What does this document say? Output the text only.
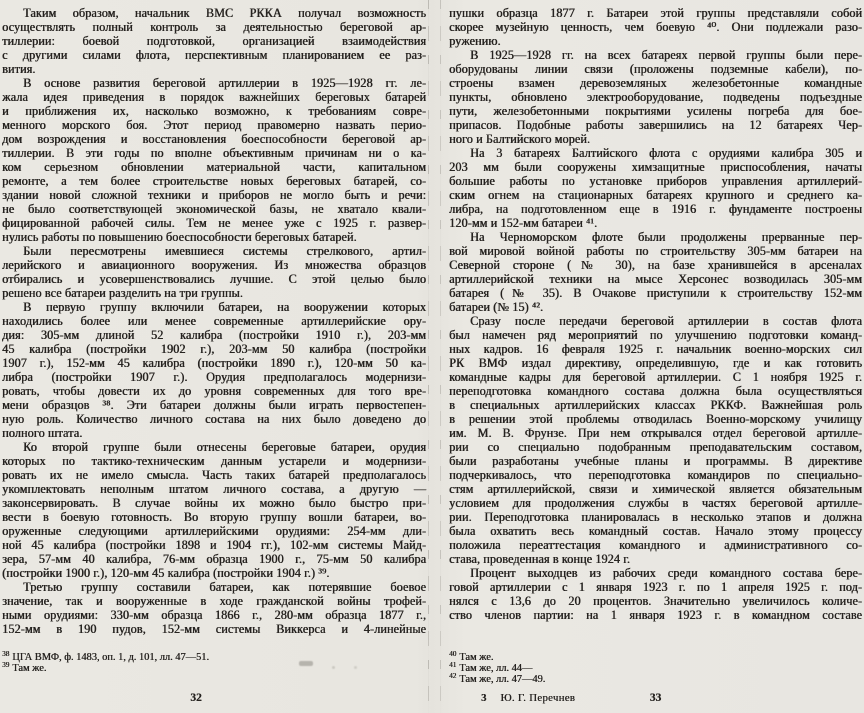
Таким образом, начальник ВМС РККА получал возможность
осуществлять полный контроль за деятельностью береговой ар-
тиллерии: боевой подготовкой, организацией взаимодействия
с другими силами флота, перспективным планированием ее раз-
вития.
В основе развития береговой артиллерии в 1925—1928 гг. ле-
жала идея приведения в порядок важнейших береговых батарей
и приближения их, насколько возможно, к требованиям совре-
менного морского боя. Этот период правомерно назвать перио-
дом возрождения и восстановления боеспособности береговой ар-
тиллерии. В эти годы по вполне объективным причинам ни о ка-
ком серьезном обновлении материальной части, капитальном
ремонте, а тем более строительстве новых береговых батарей, со-
здании новой сложной техники и приборов не могло быть и речи:
не было соответствующей экономической базы, не хватало квали-
фицированной рабочей силы. Тем не менее уже с 1925 г. развер-
нулись работы по повышению боеспособности береговых батарей.
Были пересмотрены имевшиеся системы стрелкового, артил-
лерийского и авиационного вооружения. Из множества образцов
отбирались и усовершенствовались лучшие. С этой целью было
решено все батареи разделить на три группы.
В первую группу включили батареи, на вооружении которых
находились более или менее современные артиллерийские ору-
дия: 305-мм длиной 52 калибра (постройки 1910 г.), 203-мм
45 калибра (постройки 1902 г.), 203-мм 50 калибра (постройки
1907 г.), 152-мм 45 калибра (постройки 1890 г.), 120-мм 50 ка-
либра (постройки 1907 г.). Орудия предполагалось модернизи-
ровать, чтобы довести их до уровня современных для того вре-
мени образцов ³⁸. Эти батареи должны были играть первостепен-
ную роль. Количество личного состава на них было доведено до
полного штата.
Ко второй группе были отнесены береговые батареи, орудия
которых по тактико-техническим данным устарели и модернизи-
ровать их не имело смысла. Часть таких батарей предполагалось
укомплектовать неполным штатом личного состава, а другую —
законсервировать. В случае войны их можно было быстро при-
вести в боевую готовность. Во вторую группу вошли батареи, во-
оруженные следующими артиллерийскими орудиями: 254-мм дли-
ной 45 калибра (постройки 1898 и 1904 гг.), 102-мм системы Майд-
зера, 57-мм 40 калибра, 76-мм образца 1900 г., 75-мм 50 калибра
(постройки 1900 г.), 120-мм 45 калибра (постройки 1904 г.) ³⁹.
Третью группу составили батареи, как потерявшие боевое
значение, так и вооруженные в ходе гражданской войны трофей-
ными орудиями: 330-мм образца 1866 г., 280-мм образца 1877 г.,
152-мм в 190 пудов, 152-мм системы Виккерса и 4-линейные
$^{38}$ ЦГА ВМФ, ф. 1483, оп. 1, д. 101, лл. 47—51.
$^{39}$ Там же.
32
пушки образца 1877 г. Батареи этой группы представляли собой
скорее музейную ценность, чем боевую ⁴⁰. Они подлежали разо-
ружению.
В 1925—1928 гг. на всех батареях первой группы были пере-
оборудованы линии связи (проложены подземные кабели), по-
строены взамен деревоземляных железобетонные командные
пункты, обновлено электрооборудование, подведены подъездные
пути, железобетонными покрытиями усилены погреба для бое-
припасов. Подобные работы завершились на 12 батареях Чер-
ного и Балтийского морей.
На 3 батареях Балтийского флота с орудиями калибра 305 и
203 мм были сооружены химзащитные приспособления, начаты
большие работы по установке приборов управления артиллерий-
ским огнем на стационарных батареях крупного и среднего ка-
либра, на подготовленном еще в 1916 г. фундаменте построены
120-мм и 152-мм батареи ⁴¹.
На Черноморском флоте были продолжены прерванные пер-
вой мировой войной работы по строительству 305-мм батареи на
Северной стороне (№ 30), на базе хранившейся в арсеналах
артиллерийской техники на мысе Херсонес возводилась 305-мм
батарея (№ 35). В Очакове приступили к строительству 152-мм
батареи (№ 15) ⁴².
Сразу после передачи береговой артиллерии в состав флота
был намечен ряд мероприятий по улучшению подготовки команд-
ных кадров. 16 февраля 1925 г. начальник военно-морских сил
РК ВМФ издал директиву, определившую, где и как готовить
командные кадры для береговой артиллерии. С 1 ноября 1925 г.
переподготовка командного состава должна была осуществляться
в специальных артиллерийских классах РККФ. Важнейшая роль
в решении этой проблемы отводилась Военно-морскому училищу
им. М. В. Фрунзе. При нем открывался отдел береговой артилле-
рии со специально подобранным преподавательским составом,
были разработаны учебные планы и программы. В директиве
подчеркивалось, что переподготовка командиров по специально-
стям артиллерийской, связи и химической является обязательным
условием для продолжения службы в частях береговой артилле-
рии. Переподготовка планировалась в несколько этапов и должна
была охватить весь командный состав. Начало этому процессу
положила переаттестация командного и административного со-
става, проведенная в конце 1924 г.
Процент выходцев из рабочих среди командного состава бере-
говой артиллерии с 1 января 1923 г. по 1 апреля 1925 г. под-
нялся с 13,6 до 20 процентов. Значительно увеличилось количе-
ство членов партии: на 1 января 1923 г. в командном составе
$^{40}$ Там же.
$^{41}$ Там же, лл. 44—
$^{42}$ Там же, лл. 47—49.
3 Ю. Г. Перечнев	33
